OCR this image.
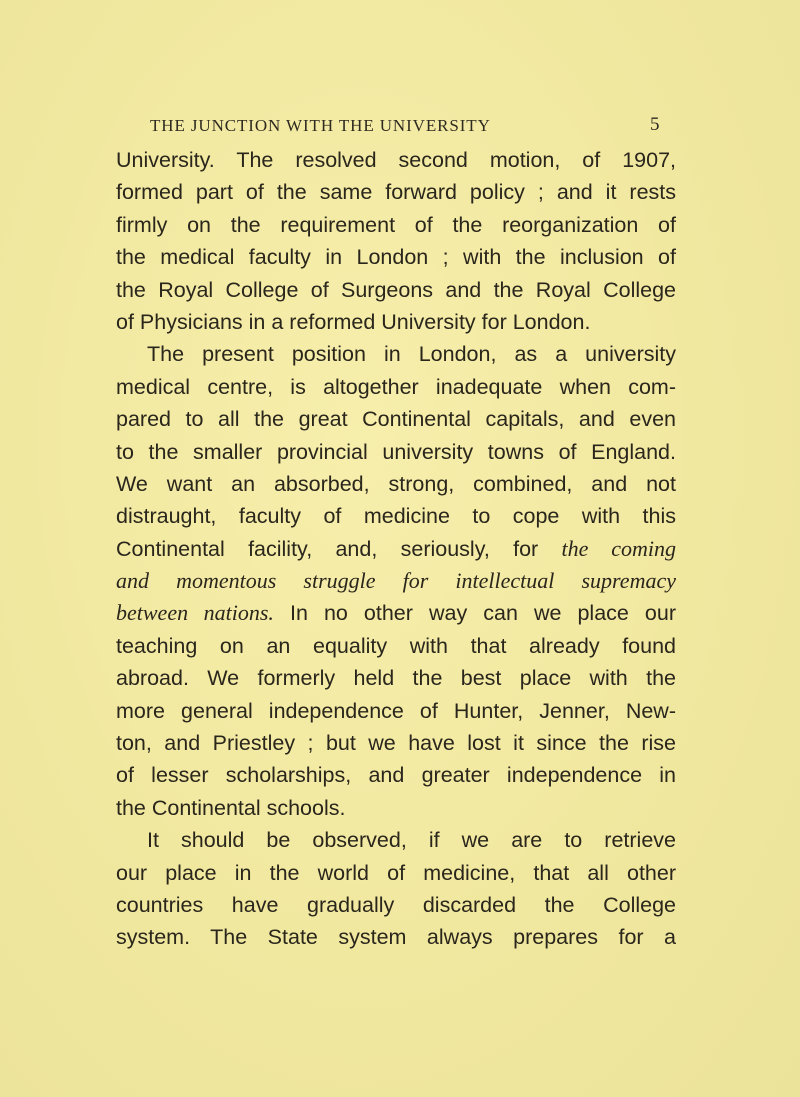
THE JUNCTION WITH THE UNIVERSITY	5
University. The resolved second motion, of 1907,
formed part of the same forward policy ; and it rests
firmly on the requirement of the reorganization of
the medical faculty in London ; with the inclusion of
the Royal College of Surgeons and the Royal College
of Physicians in a reformed University for London.
The present position in London, as a university
medical centre, is altogether inadequate when com-
pared to all the great Continental capitals, and even
to the smaller provincial university towns of England.
We want an absorbed, strong, combined, and not
distraught, faculty of medicine to cope with this
Continental facility, and, seriously, for the coming
and momentous struggle for intellectual supremacy
between nations. In no other way can we place our
teaching on an equality with that already found
abroad. We formerly held the best place with the
more general independence of Hunter, Jenner, New-
ton, and Priestley ; but we have lost it since the rise
of lesser scholarships, and greater independence in
the Continental schools.
It should be observed, if we are to retrieve
our place in the world of medicine, that all other
countries have gradually discarded the College
system. The State system always prepares for a
